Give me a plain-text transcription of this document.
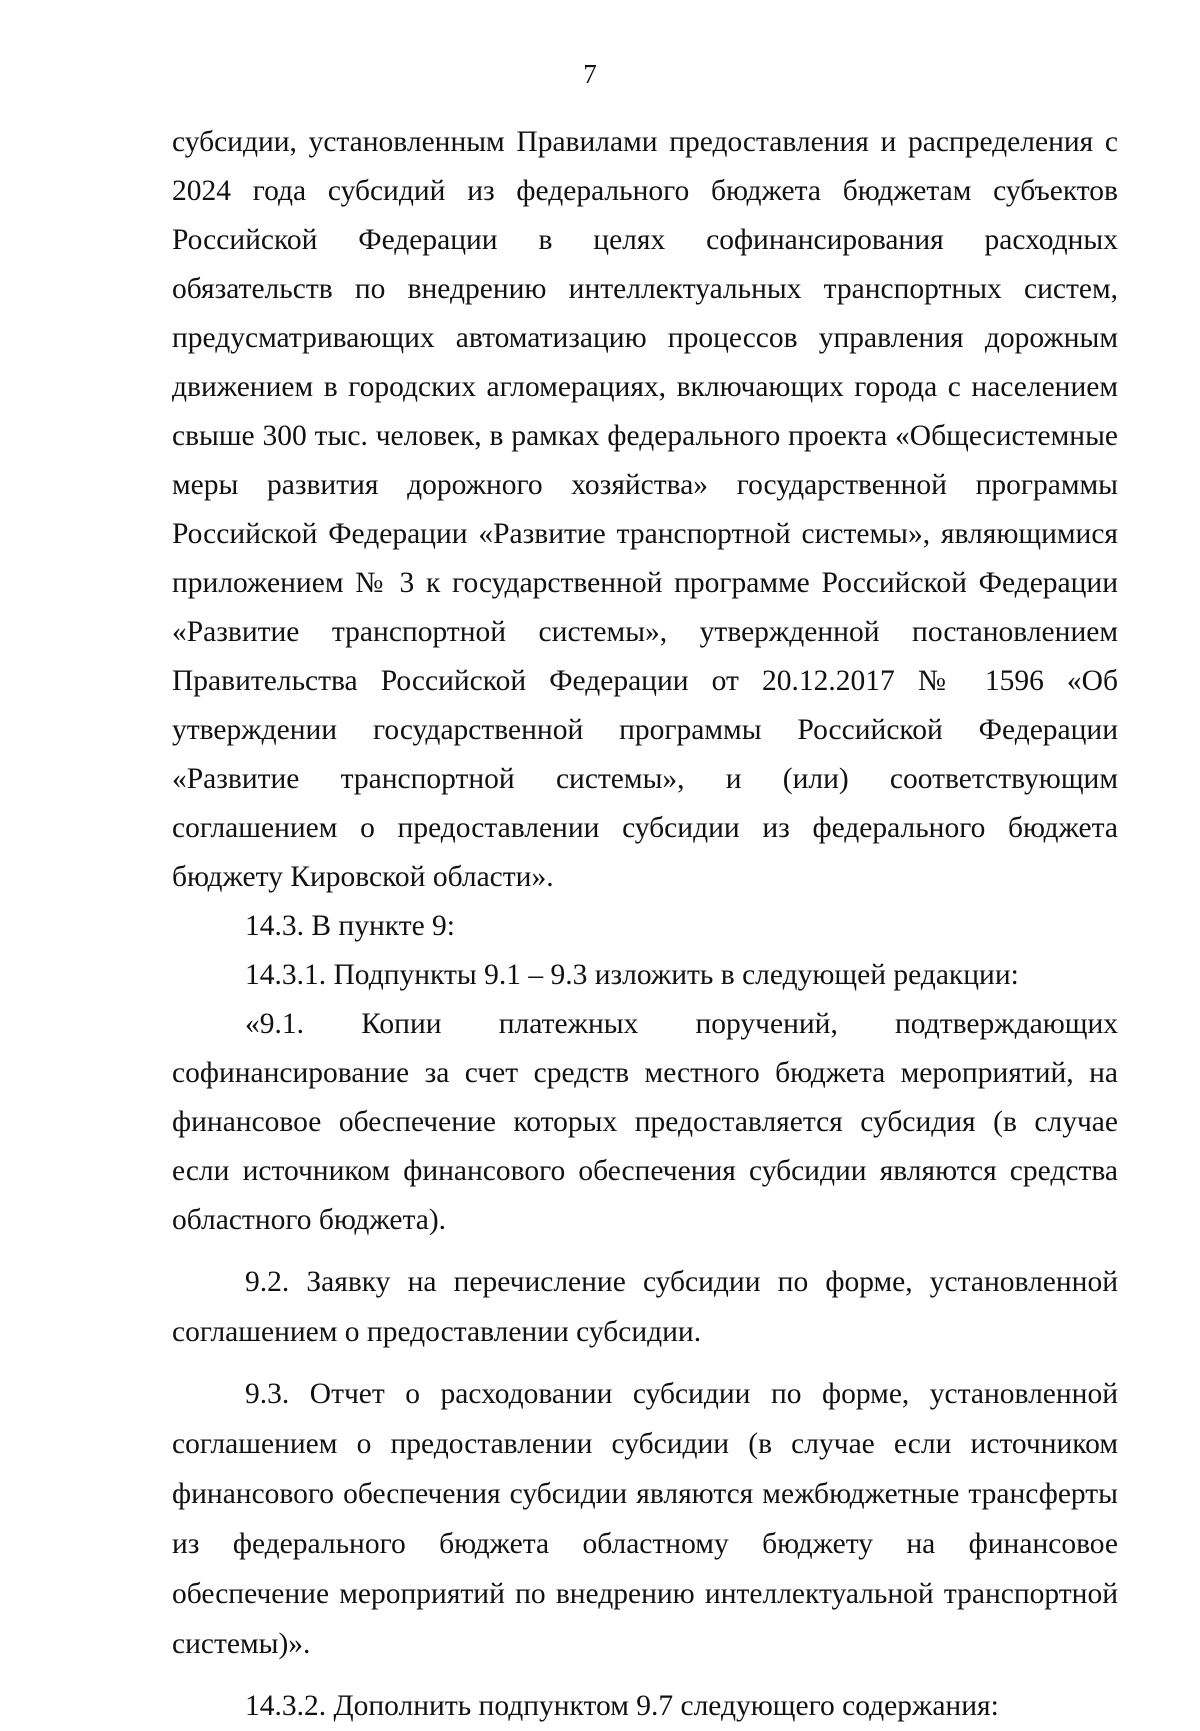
7

субсидии, установленным Правилами предоставления и распределения с 2024 года субсидий из федерального бюджета бюджетам субъектов Российской Федерации в целях софинансирования расходных обязательств по внедрению интеллектуальных транспортных систем, предусматривающих автоматизацию процессов управления дорожным движением в городских агломерациях, включающих города с населением свыше 300 тыс. человек, в рамках федерального проекта «Общесистемные меры развития дорожного хозяйства» государственной программы Российской Федерации «Развитие транспортной системы», являющимися приложением № 3 к государственной программе Российской Федерации «Развитие транспортной системы», утвержденной постановлением Правительства Российской Федерации от 20.12.2017 № 1596 «Об утверждении государственной программы Российской Федерации «Развитие транспортной системы», и (или) соответствующим соглашением о предоставлении субсидии из федерального бюджета бюджету Кировской области».

14.3. В пункте 9:

14.3.1. Подпункты 9.1 – 9.3 изложить в следующей редакции:

«9.1. Копии платежных поручений, подтверждающих софинансирование за счет средств местного бюджета мероприятий, на финансовое обеспечение которых предоставляется субсидия (в случае если источником финансового обеспечения субсидии являются средства областного бюджета).

9.2. Заявку на перечисление субсидии по форме, установленной соглашением о предоставлении субсидии.

9.3. Отчет о расходовании субсидии по форме, установленной соглашением о предоставлении субсидии (в случае если источником финансового обеспечения субсидии являются межбюджетные трансферты из федерального бюджета областному бюджету на финансовое обеспечение мероприятий по внедрению интеллектуальной транспортной системы)».

14.3.2. Дополнить подпунктом 9.7 следующего содержания:
